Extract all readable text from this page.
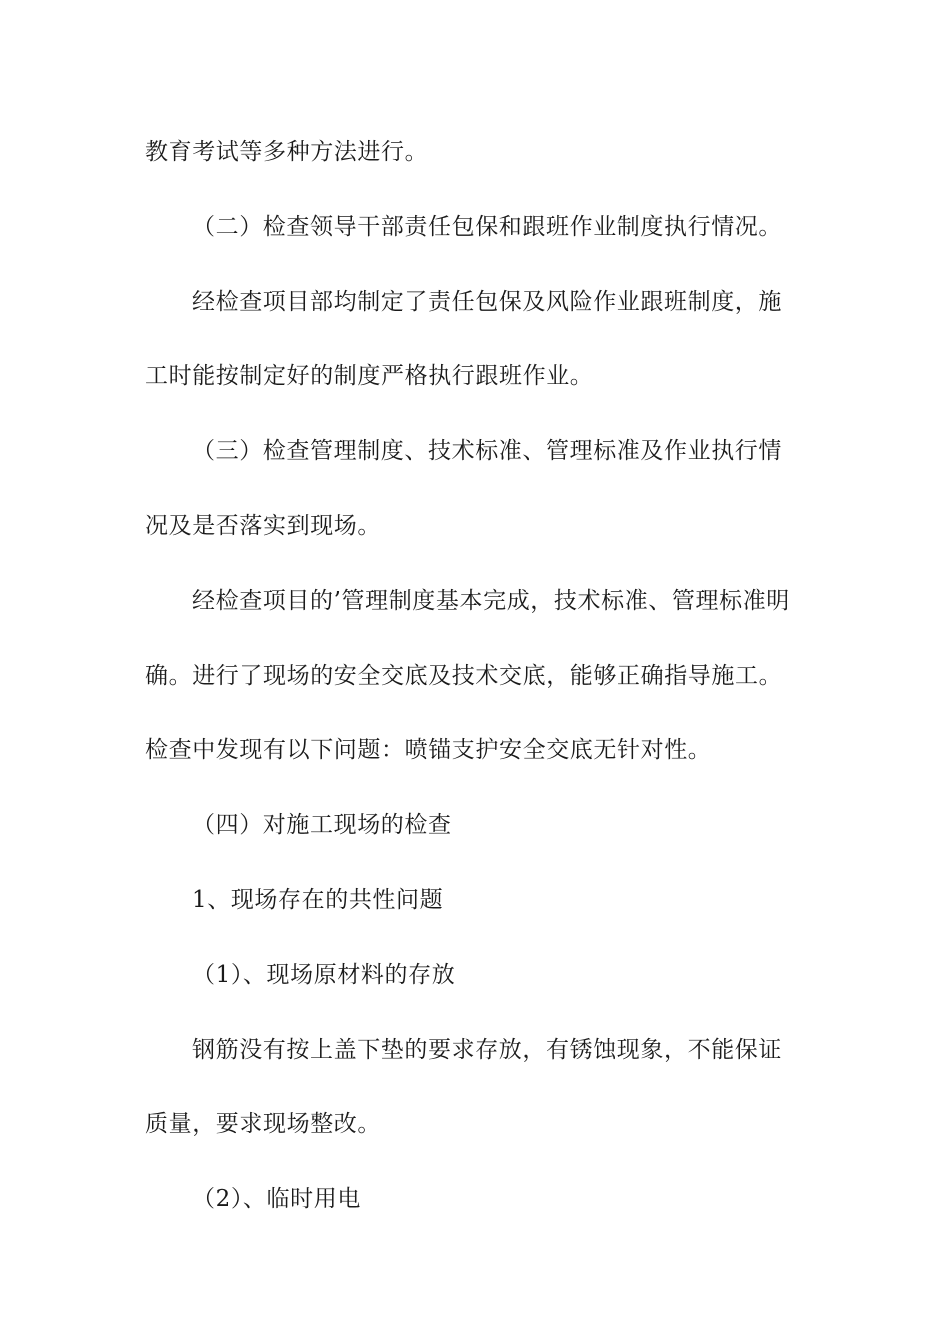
教育考试等多种方法进行。
（二）检查领导干部责任包保和跟班作业制度执行情况。
经检查项目部均制定了责任包保及风险作业跟班制度，施
工时能按制定好的制度严格执行跟班作业。
（三）检查管理制度、技术标准、管理标准及作业执行情
况及是否落实到现场。
经检查项目的’管理制度基本完成，技术标准、管理标准明
确。进行了现场的安全交底及技术交底，能够正确指导施工。
检查中发现有以下问题：喷锚支护安全交底无针对性。
（四）对施工现场的检查
1、现场存在的共性问题
（1）、现场原材料的存放
钢筋没有按上盖下垫的要求存放，有锈蚀现象，不能保证
质量，要求现场整改。
（2）、临时用电
